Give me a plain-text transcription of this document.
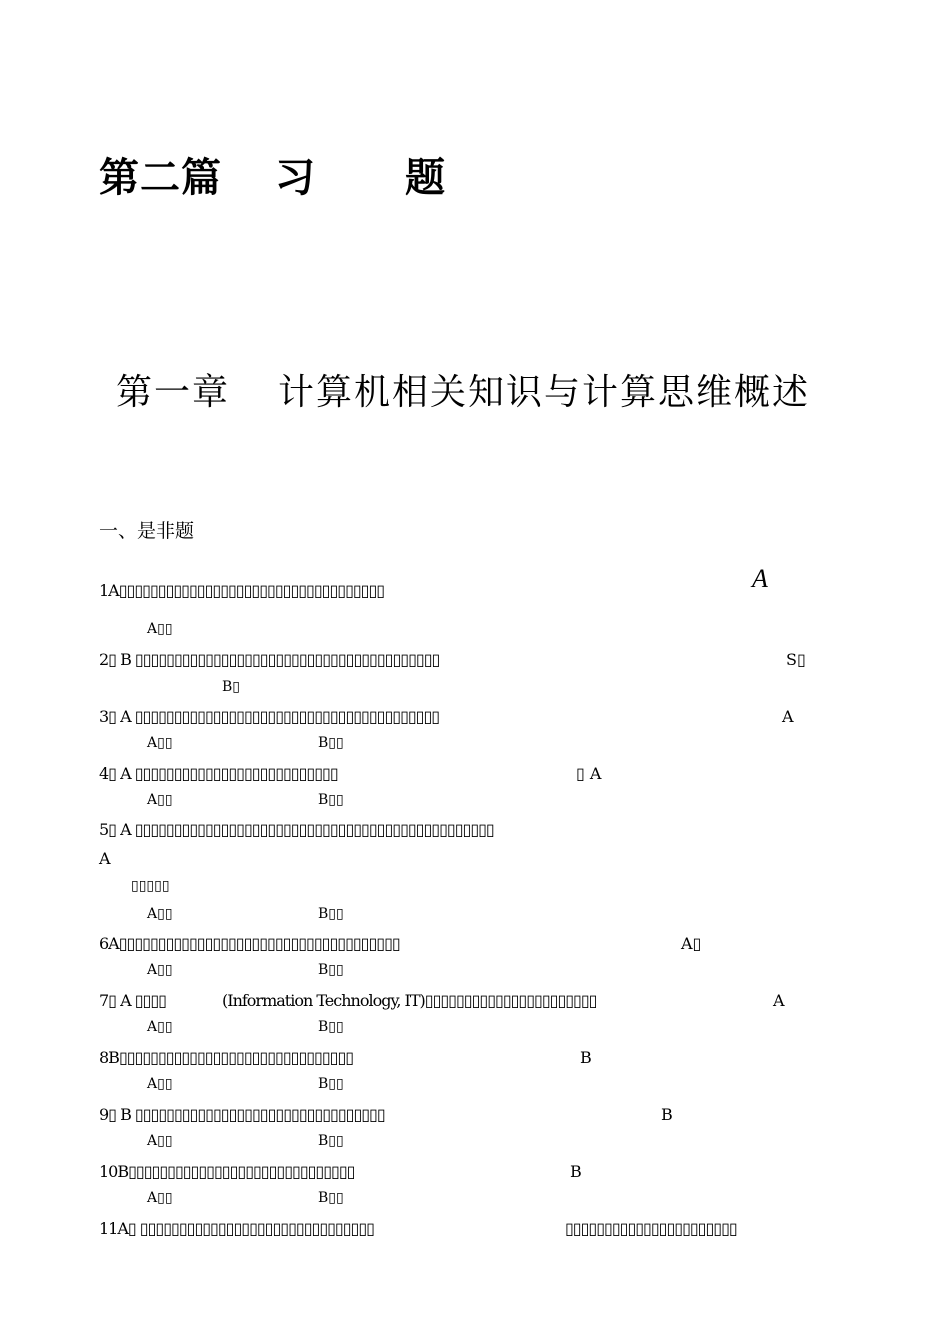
第二篇 习 题
第一章 计算机相关知识与计算思维概述
一、是非题
1A▯▯▯▯▯▯▯▯▯▯▯▯▯▯▯▯▯▯▯▯▯▯▯▯▯▯▯▯▯▯▯▯▯▯	A
A▯▯
2▯ B ▯▯▯▯▯▯▯▯▯▯▯▯▯▯▯▯▯▯▯▯▯▯▯▯▯▯▯▯▯▯▯▯▯▯▯▯▯▯▯	S▯
B▯
3▯ A ▯▯▯▯▯▯▯▯▯▯▯▯▯▯▯▯▯▯▯▯▯▯▯▯▯▯▯▯▯▯▯▯▯▯▯▯▯▯▯	A
A▯▯	B▯▯
4▯ A ▯▯▯▯▯▯▯▯▯▯▯▯▯▯▯▯▯▯▯▯▯▯▯▯▯▯	▯ A
A▯▯	B▯▯
5▯ A ▯▯▯▯▯▯▯▯▯▯▯▯▯▯▯▯▯▯▯▯▯▯▯▯▯▯▯▯▯▯▯▯▯▯▯▯▯▯▯▯▯▯▯▯▯▯
A
▯▯▯▯▯
A▯▯	B▯▯
6A▯▯▯▯▯▯▯▯▯▯▯▯▯▯▯▯▯▯▯▯▯▯▯▯▯▯▯▯▯▯▯▯▯▯▯▯	A▯
A▯▯	B▯▯
7▯ A ▯▯▯▯	(Information Technology, IT)▯▯▯▯▯▯▯▯▯▯▯▯▯▯▯▯▯▯▯▯▯▯	A
A▯▯	B▯▯
8B▯▯▯▯▯▯▯▯▯▯▯▯▯▯▯▯▯▯▯▯▯▯▯▯▯▯▯▯▯▯	B
A▯▯	B▯▯
9▯ B ▯▯▯▯▯▯▯▯▯▯▯▯▯▯▯▯▯▯▯▯▯▯▯▯▯▯▯▯▯▯▯▯	B
A▯▯	B▯▯
10B▯▯▯▯▯▯▯▯▯▯▯▯▯▯▯▯▯▯▯▯▯▯▯▯▯▯▯▯▯	B
A▯▯	B▯▯
11A▯ ▯▯▯▯▯▯▯▯▯▯▯▯▯▯▯▯▯▯▯▯▯▯▯▯▯▯▯▯▯▯	▯▯▯▯▯▯▯▯▯▯▯▯▯▯▯▯▯▯▯▯▯▯
